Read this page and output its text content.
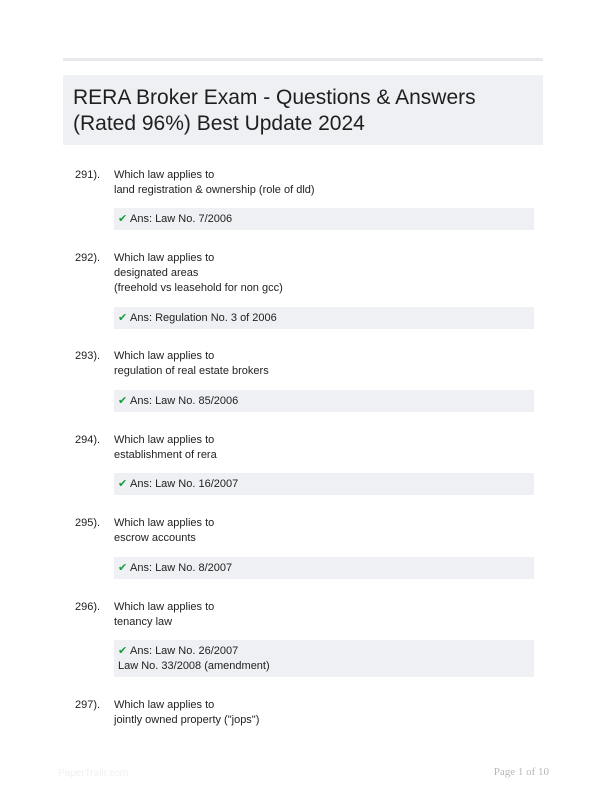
RERA Broker Exam - Questions & Answers
(Rated 96%) Best Update 2024
291). Which law applies to
land registration & ownership (role of dld)
✔ Ans: Law No. 7/2006
292). Which law applies to
designated areas
(freehold vs leasehold for non gcc)
✔ Ans: Regulation No. 3 of 2006
293). Which law applies to
regulation of real estate brokers
✔ Ans: Law No. 85/2006
294). Which law applies to
establishment of rera
✔ Ans: Law No. 16/2007
295). Which law applies to
escrow accounts
✔ Ans: Law No. 8/2007
296). Which law applies to
tenancy law
✔ Ans: Law No. 26/2007
Law No. 33/2008 (amendment)
297). Which law applies to
jointly owned property ("jops")
PaperTrailr.com	Page 1 of 10
